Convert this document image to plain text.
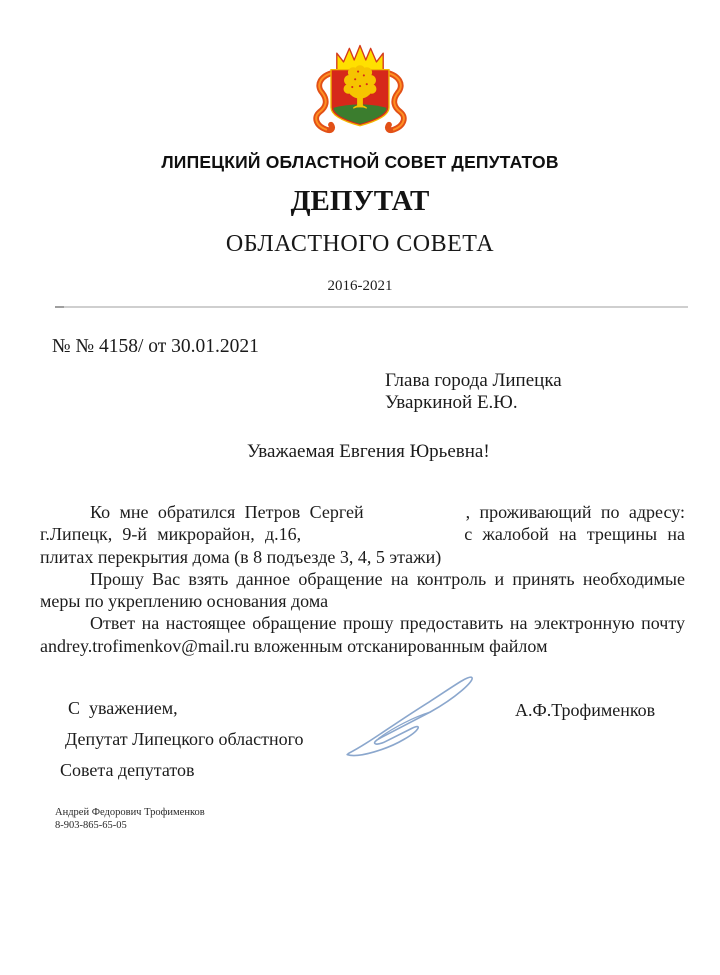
ЛИПЕЦКИЙ ОБЛАСТНОЙ СОВЕТ ДЕПУТАТОВ
ДЕПУТАТ
ОБЛАСТНОГО СОВЕТА
2016-2021
№ № 4158/ от 30.01.2021
Глава города Липецка
Уваркиной Е.Ю.
Уважаемая Евгения Юрьевна!
Ко мне обратился Петров Сергей	, проживающий по адресу:
г.Липецк, 9-й микрорайон, д.16,	с жалобой на трещины на
плитах перекрытия дома (в 8 подъезде 3, 4, 5 этажи)
Прошу Вас взять данное обращение на контроль и принять необходимые
меры по укреплению основания дома
Ответ на настоящее обращение прошу предоставить на электронную почту
andrey.trofimenkov@mail.ru вложенным отсканированным файлом
С  уважением,
Депутат Липецкого областного
Совета депутатов
А.Ф.Трофименков
Андрей Федорович Трофименков
8-903-865-65-05
